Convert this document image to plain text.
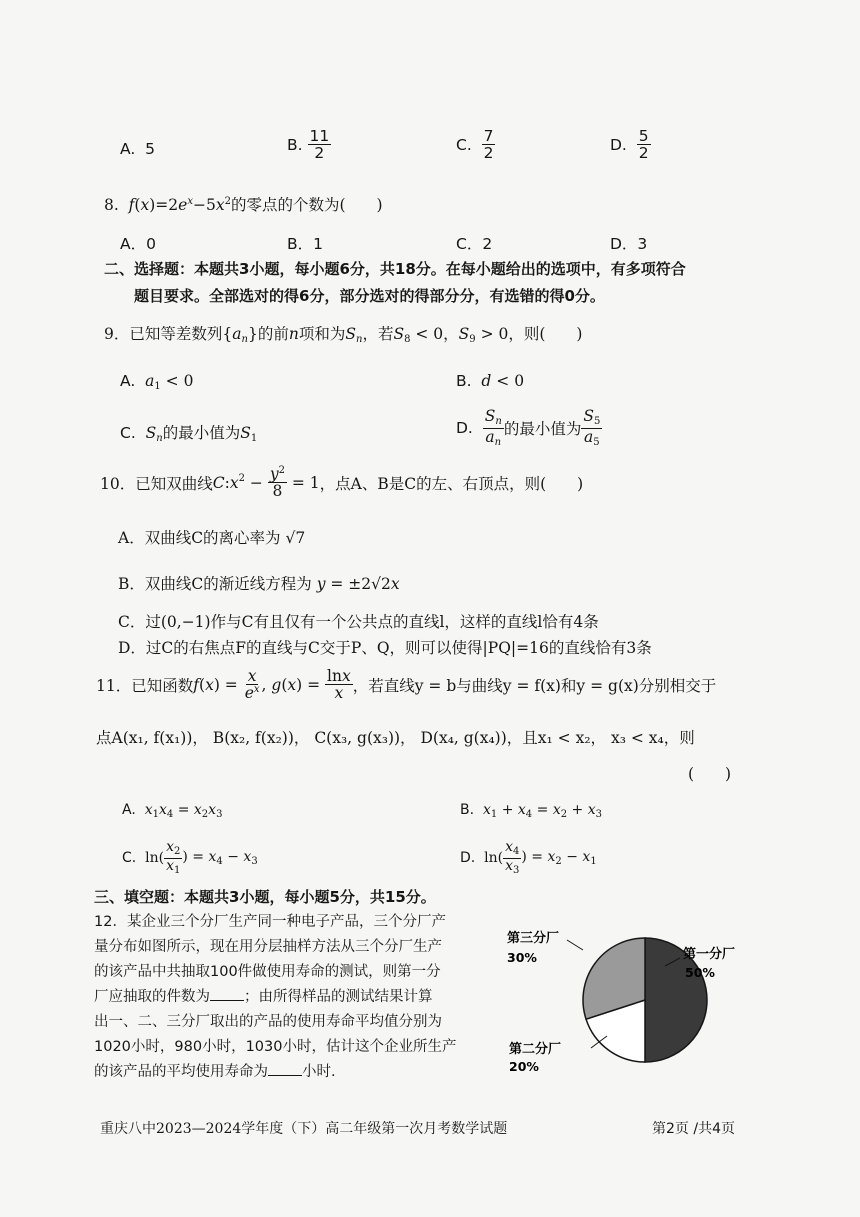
A. 5	B. $\frac{11}{2}$	C. $\frac{7}{2}$	D. $\frac{5}{2}$
8. $f(x)=2e^x-5x^2$的零点的个数为(　　)
A．0	B．1	C．2	D．3
二、选择题：本题共3小题，每小题6分，共18分。在每小题给出的选项中，有多项符合
题目要求。全部选对的得6分，部分选对的得部分分，有选错的得0分。
9．已知等差数列$\{a_n\}$的前n项和为$S_n$，若$S_8 < 0$，$S_9 > 0$，则(　　)
A. $a_1 < 0$	B. d < 0
C. $S_n$的最小值为$S_1$
D. $\frac{S_n}{a_n}$ 的最小值为 $\frac{S_5}{a_5}$
10．已知双曲线$C:x^2 - \frac{y^2}{8} = 1$，点A、B是C的左、右顶点，则(　　)
A．双曲线C的离心率为 √7
B．双曲线C的渐近线方程为 y = ±2√2x
C．过(0,−1)作与C有且仅有一个公共点的直线l，这样的直线l恰有4条
D．过C的右焦点F的直线与C交于P、Q，则可以使得|PQ|=16的直线恰有3条
11．已知函数$f(x) = \frac{x}{e^x}$ , $g(x) = \frac{\ln x}{x}$ ，若直线y = b与曲线y = f(x)和y = g(x)分别相交于
点A(x₁, f(x₁))， B(x₂, f(x₂))， C(x₃, g(x₃))， D(x₄, g(x₄))，且x₁ < x₂， x₃ < x₄，则
(　　)
A. $x_1x_4 = x_2x_3$	B. $x_1 + x_4 = x_2 + x_3$
C. $\ln( \frac{x_2}{x_1}$ ) = $x_4 - x_3$	D. $\ln( \frac{x_4}{x_3}$ ) = $x_2 - x_1$
三、填空题：本题共3小题，每小题5分，共15分。
12．某企业三个分厂生产同一种电子产品，三个分厂产
量分布如图所示，现在用分层抽样方法从三个分厂生产
的该产品中共抽取100件做使用寿命的测试，则第一分
厂应抽取的件数为 ；由所得样品的测试结果计算
出一、二、三分厂取出的产品的使用寿命平均值分别为
1020小时，980小时，1030小时，估计这个企业所生产
的该产品的平均使用寿命为 小时.
第一分厂
50%
第二分厂
20%
第三分厂
30%
重庆八中2023—2024学年度（下）高二年级第一次月考数学试题	第2页 /共4页
